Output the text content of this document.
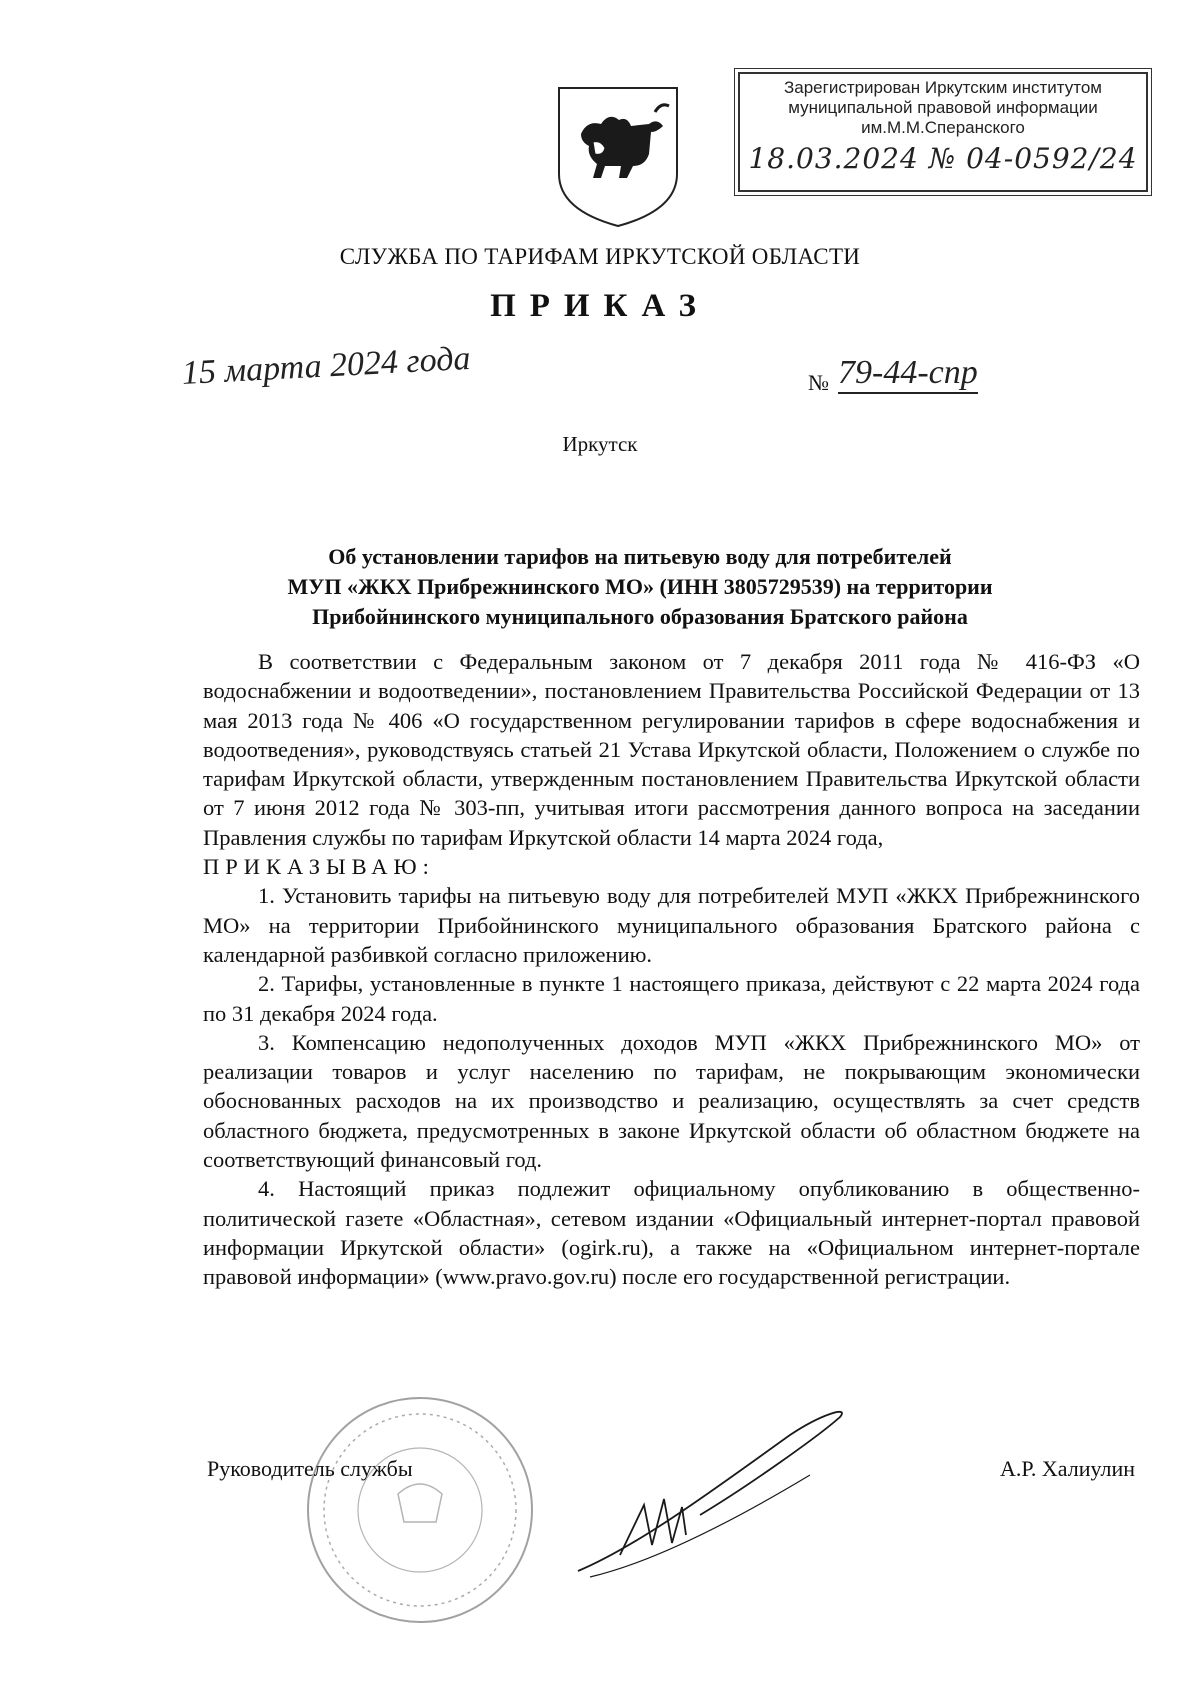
Зарегистрирован Иркутским институтом
муниципальной правовой информации
им.М.М.Сперанского
18.03.2024 № 04-0592/24
СЛУЖБА ПО ТАРИФАМ ИРКУТСКОЙ ОБЛАСТИ
ПРИКАЗ
15 марта 2024 года	№ 79-44-спр
Иркутск
Об установлении тарифов на питьевую воду для потребителей
МУП «ЖКХ Прибрежнинского МО» (ИНН 3805729539) на территории
Прибойнинского муниципального образования Братского района

В соответствии с Федеральным законом от 7 декабря 2011 года № 416-ФЗ «О водоснабжении и водоотведении», постановлением Правительства Российской Федерации от 13 мая 2013 года № 406 «О государственном регулировании тарифов в сфере водоснабжения и водоотведения», руководствуясь статьей 21 Устава Иркутской области, Положением о службе по тарифам Иркутской области, утвержденным постановлением Правительства Иркутской области от 7 июня 2012 года № 303-пп, учитывая итоги рассмотрения данного вопроса на заседании Правления службы по тарифам Иркутской области 14 марта 2024 года,

ПРИКАЗЫВАЮ:

1. Установить тарифы на питьевую воду для потребителей МУП «ЖКХ Прибрежнинского МО» на территории Прибойнинского муниципального образования Братского района с календарной разбивкой согласно приложению.

2. Тарифы, установленные в пункте 1 настоящего приказа, действуют с 22 марта 2024 года по 31 декабря 2024 года.

3. Компенсацию недополученных доходов МУП «ЖКХ Прибрежнинского МО» от реализации товаров и услуг населению по тарифам, не покрывающим экономически обоснованных расходов на их производство и реализацию, осуществлять за счет средств областного бюджета, предусмотренных в законе Иркутской области об областном бюджете на соответствующий финансовый год.

4. Настоящий приказ подлежит официальному опубликованию в общественно-политической газете «Областная», сетевом издании «Официальный интернет-портал правовой информации Иркутской области» (ogirk.ru), а также на «Официальном интернет-портале правовой информации» (www.pravo.gov.ru) после его государственной регистрации.

Руководитель службы	А.Р. Халиулин
